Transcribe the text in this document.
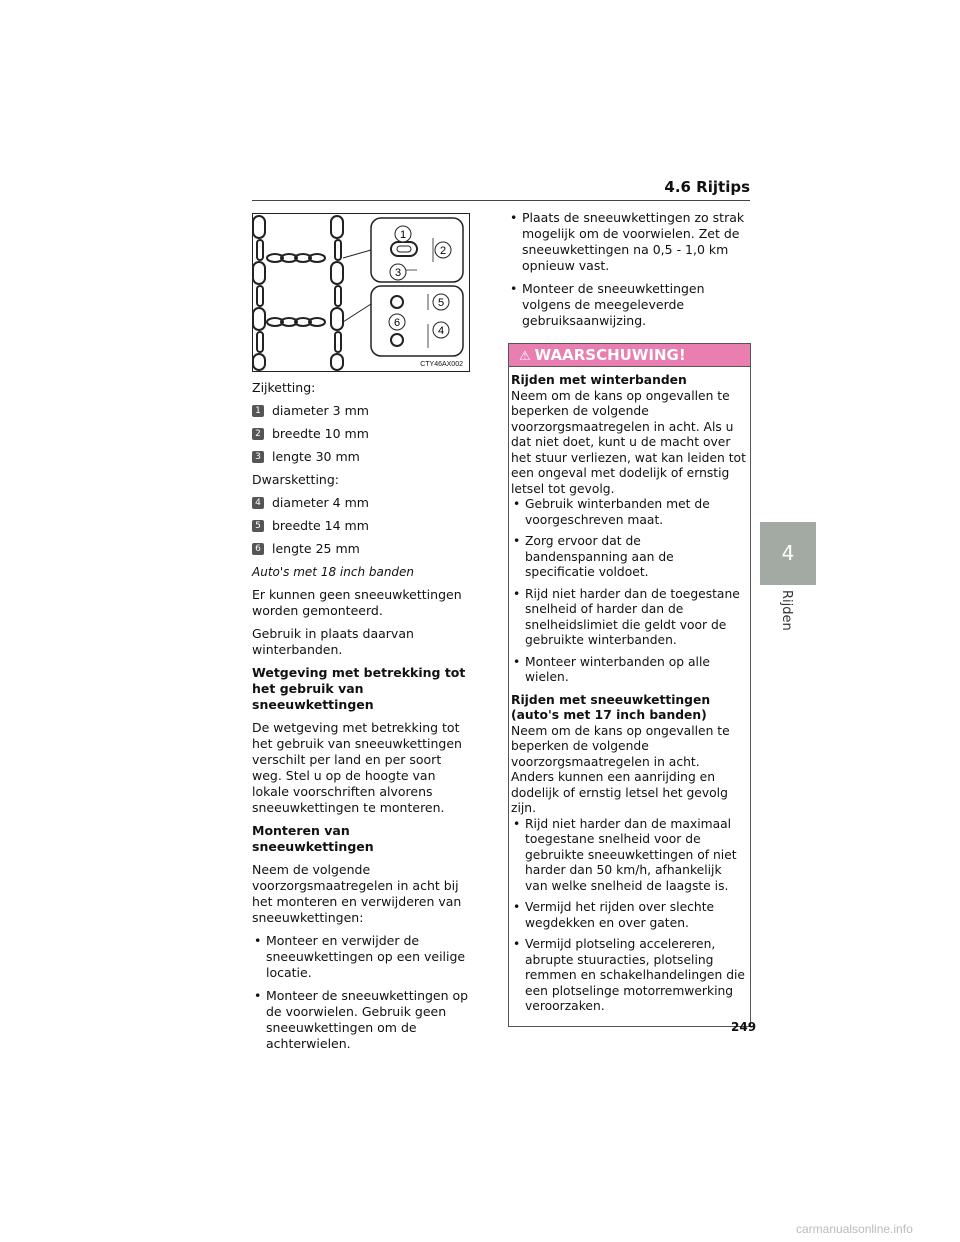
4.6 Rijtips
4
Rijden
1
2
3
5
6
4
CTY46AX002

Zijketting:

1 diameter 3 mm
2 breedte 10 mm
3 lengte 30 mm

Dwarsketting:

4 diameter 4 mm
5 breedte 14 mm
6 lengte 25 mm

Auto's met 18 inch banden

Er kunnen geen sneeuwkettingen worden gemonteerd.

Gebruik in plaats daarvan winterbanden.

Wetgeving met betrekking tot het gebruik van sneeuwkettingen

De wetgeving met betrekking tot het gebruik van sneeuwkettingen verschilt per land en per soort weg. Stel u op de hoogte van lokale voorschriften alvorens sneeuwkettingen te monteren.

Monteren van sneeuwkettingen

Neem de volgende voorzorgsmaatregelen in acht bij het monteren en verwijderen van sneeuwkettingen:

• Monteer en verwijder de sneeuwkettingen op een veilige locatie.
• Monteer de sneeuwkettingen op de voorwielen. Gebruik geen sneeuwkettingen om de achterwielen.
• Plaats de sneeuwkettingen zo strak mogelijk om de voorwielen. Zet de sneeuwkettingen na 0,5 - 1,0 km opnieuw vast.
• Monteer de sneeuwkettingen volgens de meegeleverde gebruiksaanwijzing.
⚠ WAARSCHUWING!

Rijden met winterbanden

Neem om de kans op ongevallen te beperken de volgende voorzorgsmaatregelen in acht. Als u dat niet doet, kunt u de macht over het stuur verliezen, wat kan leiden tot een ongeval met dodelijk of ernstig letsel tot gevolg.

• Gebruik winterbanden met de voorgeschreven maat.
• Zorg ervoor dat de bandenspanning aan de specificatie voldoet.
• Rijd niet harder dan de toegestane snelheid of harder dan de snelheidslimiet die geldt voor de gebruikte winterbanden.
• Monteer winterbanden op alle wielen.

Rijden met sneeuwkettingen (auto's met 17 inch banden)

Neem om de kans op ongevallen te beperken de volgende voorzorgsmaatregelen in acht. Anders kunnen een aanrijding en dodelijk of ernstig letsel het gevolg zijn.

• Rijd niet harder dan de maximaal toegestane snelheid voor de gebruikte sneeuwkettingen of niet harder dan 50 km/h, afhankelijk van welke snelheid de laagste is.
• Vermijd het rijden over slechte wegdekken en over gaten.
• Vermijd plotseling accelereren, abrupte stuuracties, plotseling remmen en schakelhandelingen die een plotselinge motorremwerking veroorzaken.
249
carmanualsonline.info
